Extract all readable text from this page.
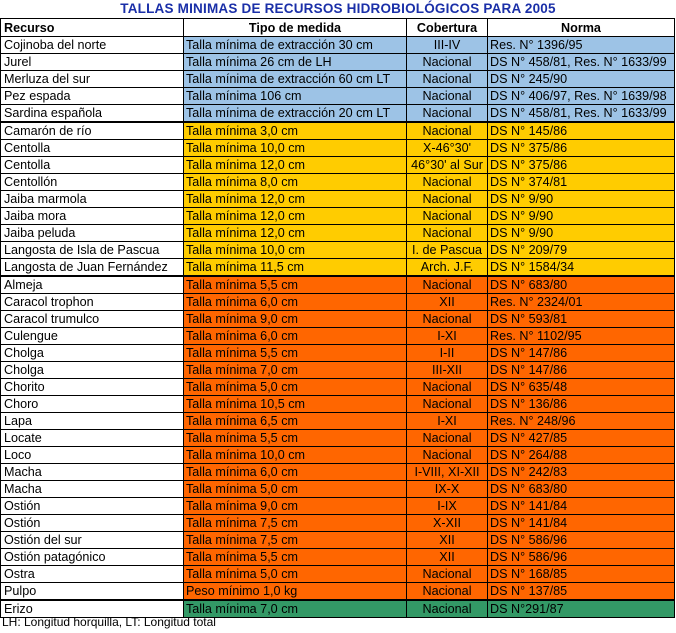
TALLAS MINIMAS DE RECURSOS HIDROBIOLÓGICOS PARA 2005
Recurso	Tipo de medida	Cobertura	Norma
Cojinoba del norte	Talla mínima de extracción 30 cm	III-IV	Res. N° 1396/95
Jurel	Talla mínima 26 cm de LH	Nacional	DS N° 458/81, Res. N° 1633/99
Merluza del sur	Talla mínima de extracción 60 cm LT	Nacional	DS N° 245/90
Pez espada	Talla mínima 106 cm	Nacional	DS N° 406/97, Res. N° 1639/98
Sardina española	Talla mínima de extracción 20 cm LT	Nacional	DS N° 458/81, Res. N° 1633/99
Camarón de río	Talla mínima 3,0 cm	Nacional	DS N° 145/86
Centolla	Talla mínima 10,0 cm	X-46°30'	DS N° 375/86
Centolla	Talla mínima 12,0 cm	46°30' al Sur	DS N° 375/86
Centollón	Talla mínima 8,0 cm	Nacional	DS N° 374/81
Jaiba marmola	Talla mínima 12,0 cm	Nacional	DS N° 9/90
Jaiba mora	Talla mínima 12,0 cm	Nacional	DS N° 9/90
Jaiba peluda	Talla mínima 12,0 cm	Nacional	DS N° 9/90
Langosta de Isla de Pascua	Talla mínima 10,0 cm	I. de Pascua	DS N° 209/79
Langosta de Juan Fernández	Talla mínima 11,5 cm	Arch. J.F.	DS N° 1584/34
Almeja	Talla mínima 5,5 cm	Nacional	DS N° 683/80
Caracol trophon	Talla mínima 6,0 cm	XII	Res. N° 2324/01
Caracol trumulco	Talla mínima 9,0 cm	Nacional	DS N° 593/81
Culengue	Talla mínima 6,0 cm	I-XI	Res. N° 1102/95
Cholga	Talla mínima 5,5 cm	I-II	DS N° 147/86
Cholga	Talla mínima 7,0 cm	III-XII	DS N° 147/86
Chorito	Talla mínima 5,0 cm	Nacional	DS N° 635/48
Choro	Talla mínima 10,5 cm	Nacional	DS N° 136/86
Lapa	Talla mínima 6,5 cm	I-XI	Res. N° 248/96
Locate	Talla mínima 5,5 cm	Nacional	DS N° 427/85
Loco	Talla mínima 10,0 cm	Nacional	DS N° 264/88
Macha	Talla mínima 6,0 cm	I-VIII, XI-XII	DS N° 242/83
Macha	Talla mínima 5,0 cm	IX-X	DS N° 683/80
Ostión	Talla mínima 9,0 cm	I-IX	DS N° 141/84
Ostión	Talla mínima 7,5 cm	X-XII	DS N° 141/84
Ostión del sur	Talla mínima 7,5 cm	XII	DS N° 586/96
Ostión patagónico	Talla mínima 5,5 cm	XII	DS N° 586/96
Ostra	Talla mínima 5,0 cm	Nacional	DS N° 168/85
Pulpo	Peso mínimo 1,0 kg	Nacional	DS N° 137/85
Erizo	Talla mínima 7,0 cm	Nacional	DS N°291/87
LH: Longitud horquilla, LT: Longitud total
